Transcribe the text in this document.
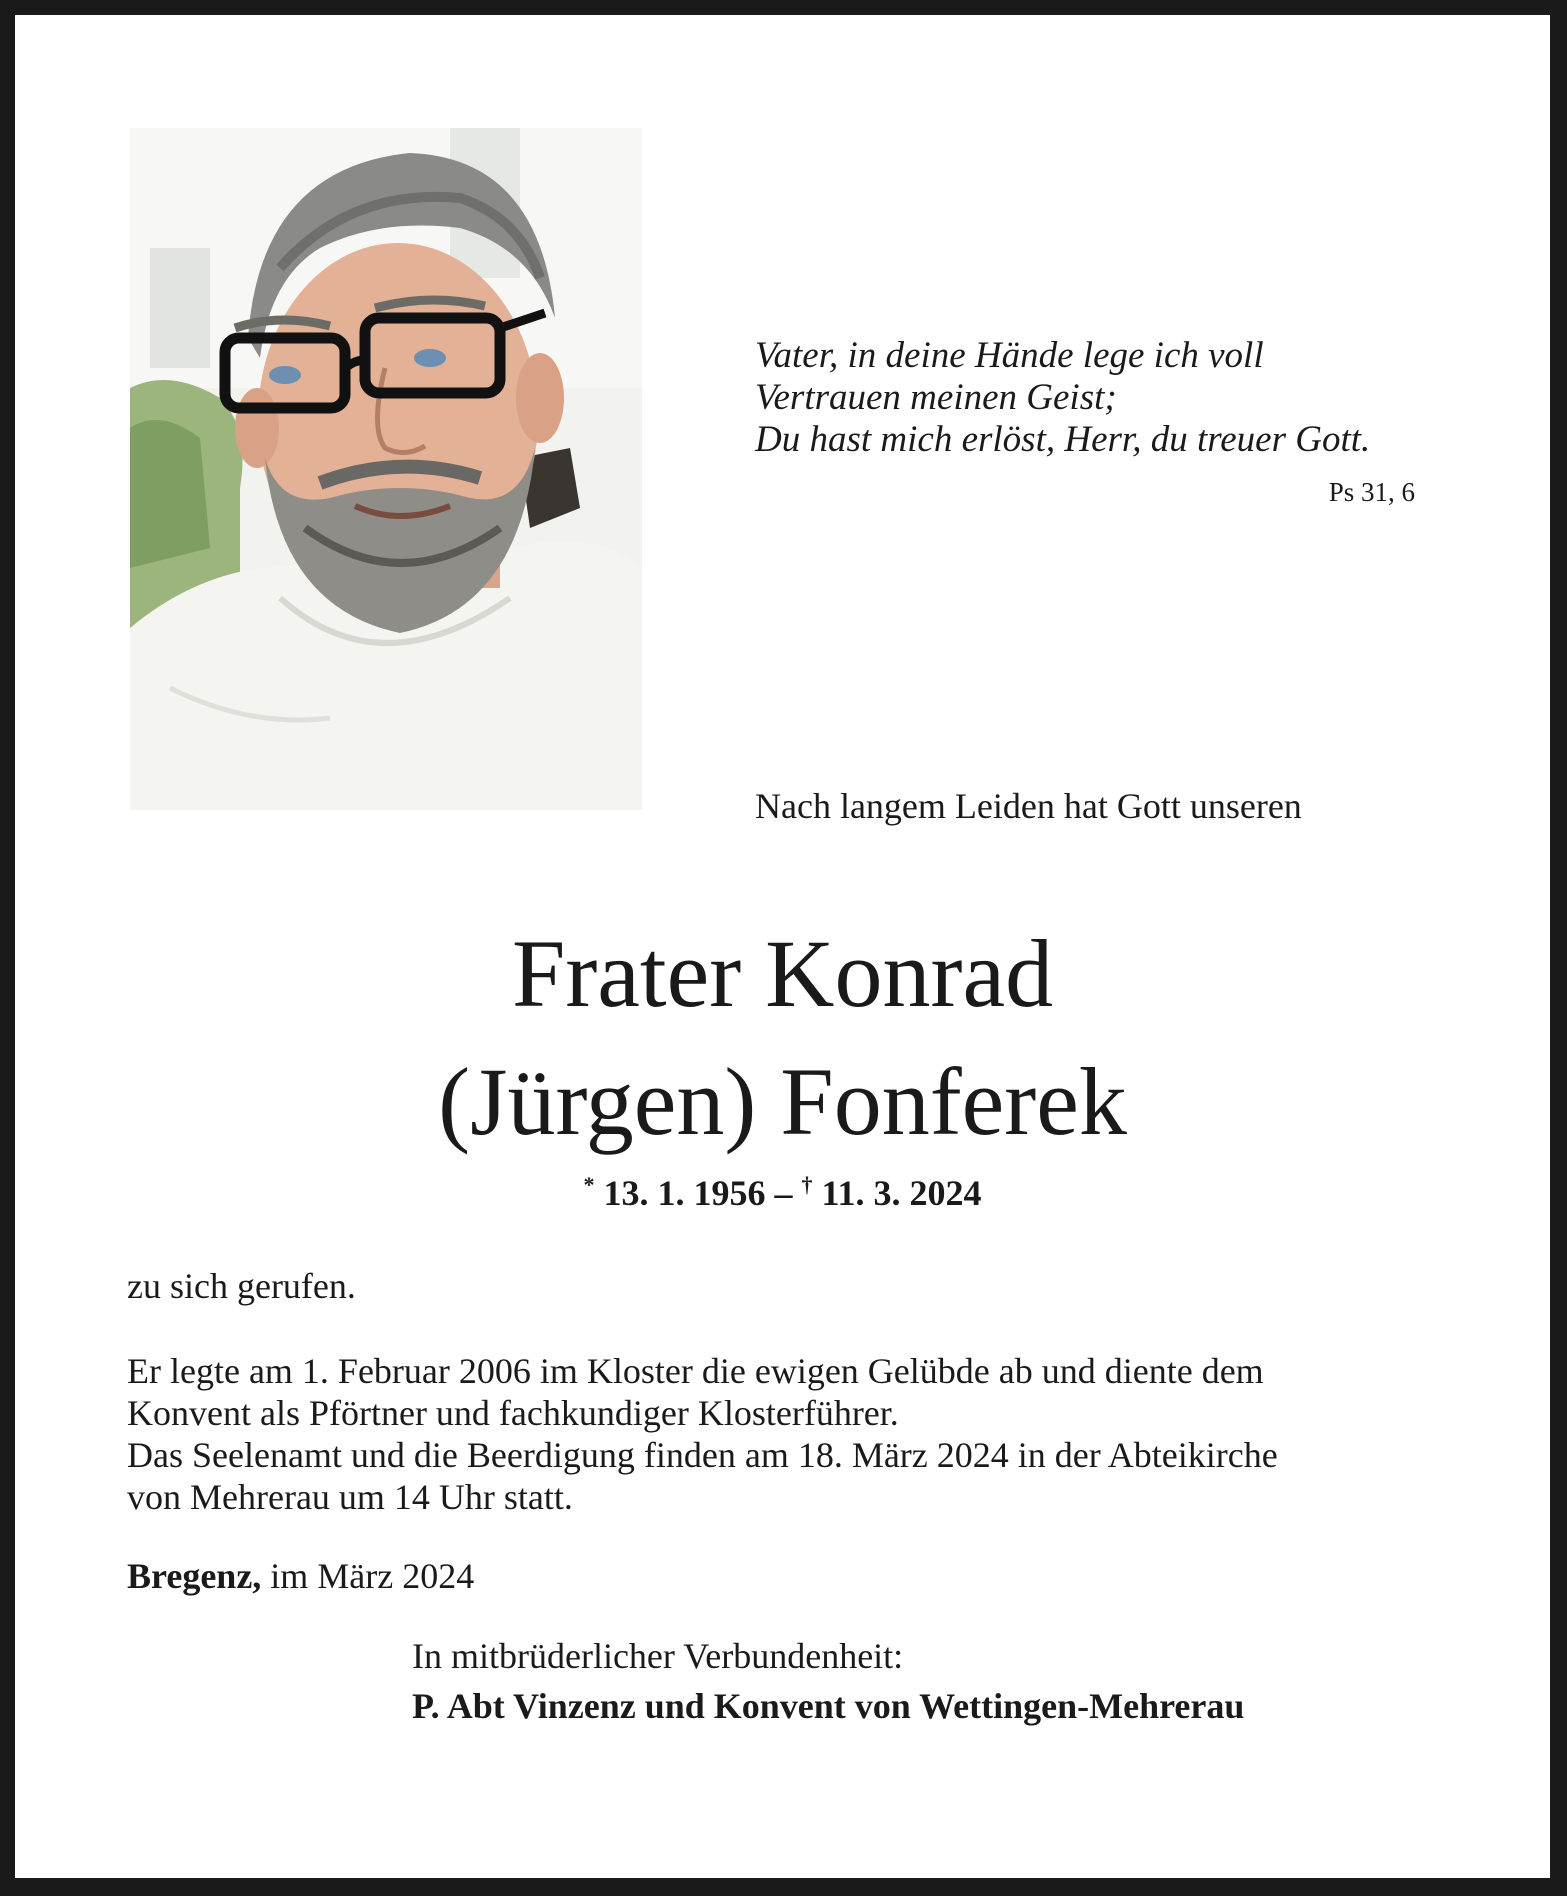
Vater, in deine Hände lege ich voll
Vertrauen meinen Geist;
Du hast mich erlöst, Herr, du treuer Gott.
Ps 31, 6
Nach langem Leiden hat Gott unseren
Frater Konrad
(Jürgen) Fonferek
* 13. 1. 1956 – † 11. 3. 2024
zu sich gerufen.
Er legte am 1. Februar 2006 im Kloster die ewigen Gelübde ab und diente dem
Konvent als Pförtner und fachkundiger Klosterführer.
Das Seelenamt und die Beerdigung finden am 18. März 2024 in der Abteikirche
von Mehrerau um 14 Uhr statt.
Bregenz, im März 2024
In mitbrüderlicher Verbundenheit:
P. Abt Vinzenz und Konvent von Wettingen-Mehrerau
